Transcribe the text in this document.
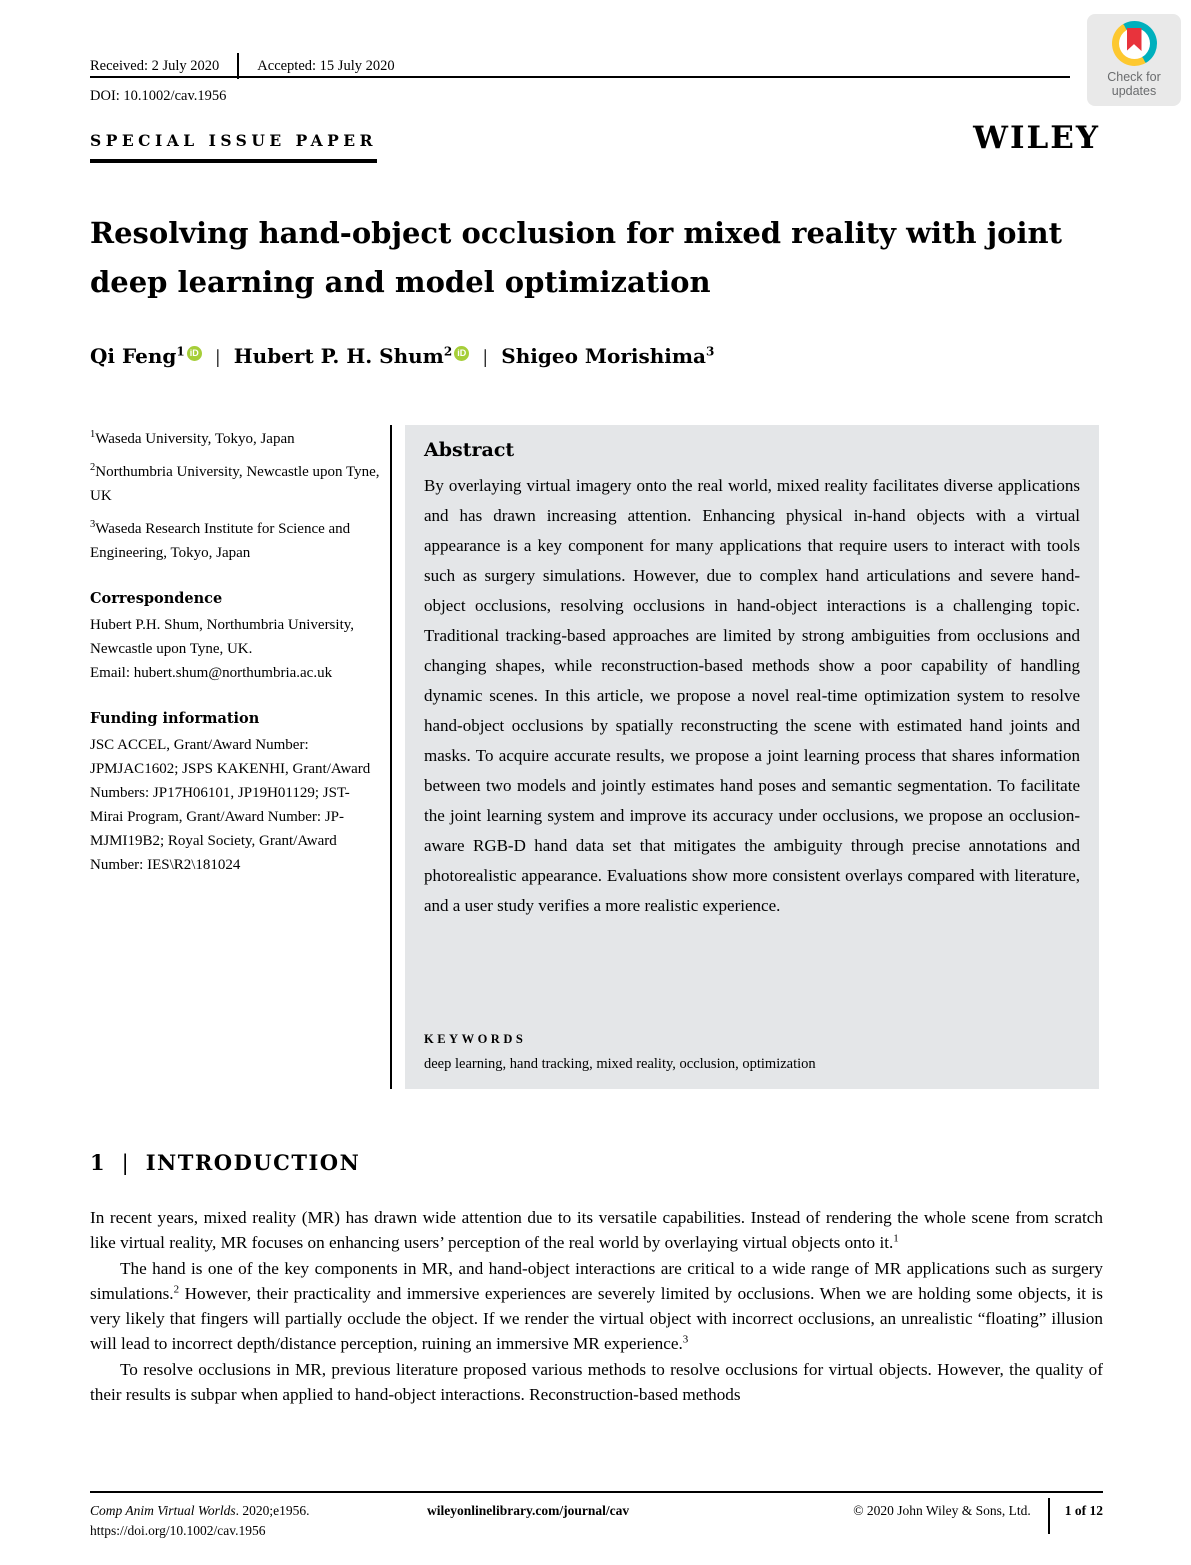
Received: 2 July 2020	Accepted: 15 July 2020
DOI: 10.1002/cav.1956
Check for
updates
SPECIAL ISSUE PAPER	WILEY
Resolving hand-object occlusion for mixed reality with joint deep learning and model optimization
Qi Feng$^1$ iD | Hubert P. H. Shum$^2$ iD | Shigeo Morishima$^3$
$^1$Waseda University, Tokyo, Japan
$^2$Northumbria University, Newcastle upon Tyne, UK
$^3$Waseda Research Institute for Science and Engineering, Tokyo, Japan
Correspondence

Hubert P.H. Shum, Northumbria University, Newcastle upon Tyne, UK.

Email: hubert.shum@northumbria.ac.uk

Funding information

JSC ACCEL, Grant/Award Number: JPMJAC1602; JSPS KAKENHI, Grant/Award Numbers: JP17H06101, JP19H01129; JST-Mirai Program, Grant/Award Number: JP-MJMI19B2; Royal Society, Grant/Award Number: IES\R2\181024

Abstract

By overlaying virtual imagery onto the real world, mixed reality facilitates diverse applications and has drawn increasing attention. Enhancing physical in-hand objects with a virtual appearance is a key component for many applications that require users to interact with tools such as surgery simulations. However, due to complex hand articulations and severe hand-object occlusions, resolving occlusions in hand-object interactions is a challenging topic. Traditional tracking-based approaches are limited by strong ambiguities from occlusions and changing shapes, while reconstruction-based methods show a poor capability of handling dynamic scenes. In this article, we propose a novel real-time optimization system to resolve hand-object occlusions by spatially reconstructing the scene with estimated hand joints and masks. To acquire accurate results, we propose a joint learning process that shares information between two models and jointly estimates hand poses and semantic segmentation. To facilitate the joint learning system and improve its accuracy under occlusions, we propose an occlusion-aware RGB-D hand data set that mitigates the ambiguity through precise annotations and photorealistic appearance. Evaluations show more consistent overlays compared with literature, and a user study verifies a more realistic experience.

KEYWORDS

deep learning, hand tracking, mixed reality, occlusion, optimization

1 | INTRODUCTION

In recent years, mixed reality (MR) has drawn wide attention due to its versatile capabilities. Instead of rendering the whole scene from scratch like virtual reality, MR focuses on enhancing users’ perception of the real world by overlaying virtual objects onto it.$^1$

The hand is one of the key components in MR, and hand-object interactions are critical to a wide range of MR applications such as surgery simulations.$^2$ However, their practicality and immersive experiences are severely limited by occlusions. When we are holding some objects, it is very likely that fingers will partially occlude the object. If we render the virtual object with incorrect occlusions, an unrealistic “floating” illusion will lead to incorrect depth/distance perception, ruining an immersive MR experience.$^3$

To resolve occlusions in MR, previous literature proposed various methods to resolve occlusions for virtual objects. However, the quality of their results is subpar when applied to hand-object interactions. Reconstruction-based methods

Comp Anim Virtual Worlds. 2020;e1956.
https://doi.org/10.1002/cav.1956
wileyonlinelibrary.com/journal/cav	© 2020 John Wiley & Sons, Ltd.	1 of 12
